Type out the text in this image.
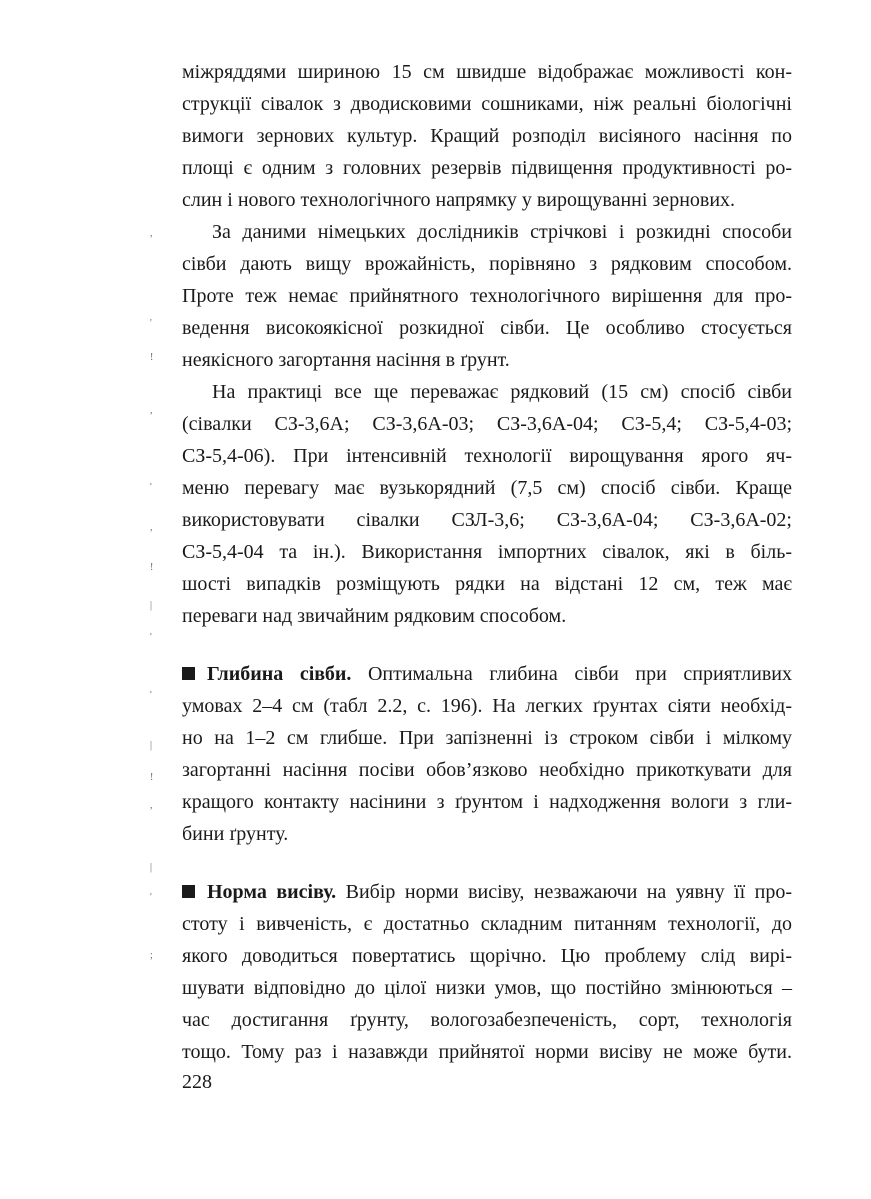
міжряддями шириною 15 см швидше відображає можливості кон-
струкції сівалок з дводисковими сошниками, ніж реальні біологічні
вимоги зернових культур. Кращий розподіл висіяного насіння по
площі є одним з головних резервів підвищення продуктивності ро-
слин і нового технологічного напрямку у вирощуванні зернових.
За даними німецьких дослідників стрічкові і розкидні способи
сівби дають вищу врожайність, порівняно з рядковим способом.
Проте теж немає прийнятного технологічного вирішення для про-
ведення високоякісної розкидної сівби. Це особливо стосується
неякісного загортання насіння в ґрунт.
На практиці все ще переважає рядковий (15 см) спосіб сівби
(сівалки СЗ-3,6А; СЗ-3,6А-03; СЗ-3,6А-04; СЗ-5,4; СЗ-5,4-03;
СЗ-5,4-06). При інтенсивній технології вирощування ярого яч-
меню перевагу має вузькорядний (7,5 см) спосіб сівби. Краще
використовувати сівалки СЗЛ-3,6; СЗ-3,6А-04; СЗ-3,6А-02;
СЗ-5,4-04 та ін.). Використання імпортних сівалок, які в біль-
шості випадків розміщують рядки на відстані 12 см, теж має
переваги над звичайним рядковим способом.
Глибина сівби. Оптимальна глибина сівби при сприятливих
умовах 2–4 см (табл 2.2, с. 196). На легких ґрунтах сіяти необхід-
но на 1–2 см глибше. При запізненні із строком сівби і мілкому
загортанні насіння посіви обов’язково необхідно прикоткувати для
кращого контакту насінини з ґрунтом і надходження вологи з гли-
бини ґрунту.
Норма висіву. Вибір норми висіву, незважаючи на уявну її про-
стоту і вивченість, є достатньо складним питанням технології, до
якого доводиться повертатись щорічно. Цю проблему слід вирі-
шувати відповідно до цілої низки умов, що постійно змінюються –
час достигання ґрунту, вологозабезпеченість, сорт, технологія
тощо. Тому раз і назавжди прийнятої норми висіву не може бути.
228
,
'
!
,
'
,
!
|
'
'
|
!
,
|
'
;
